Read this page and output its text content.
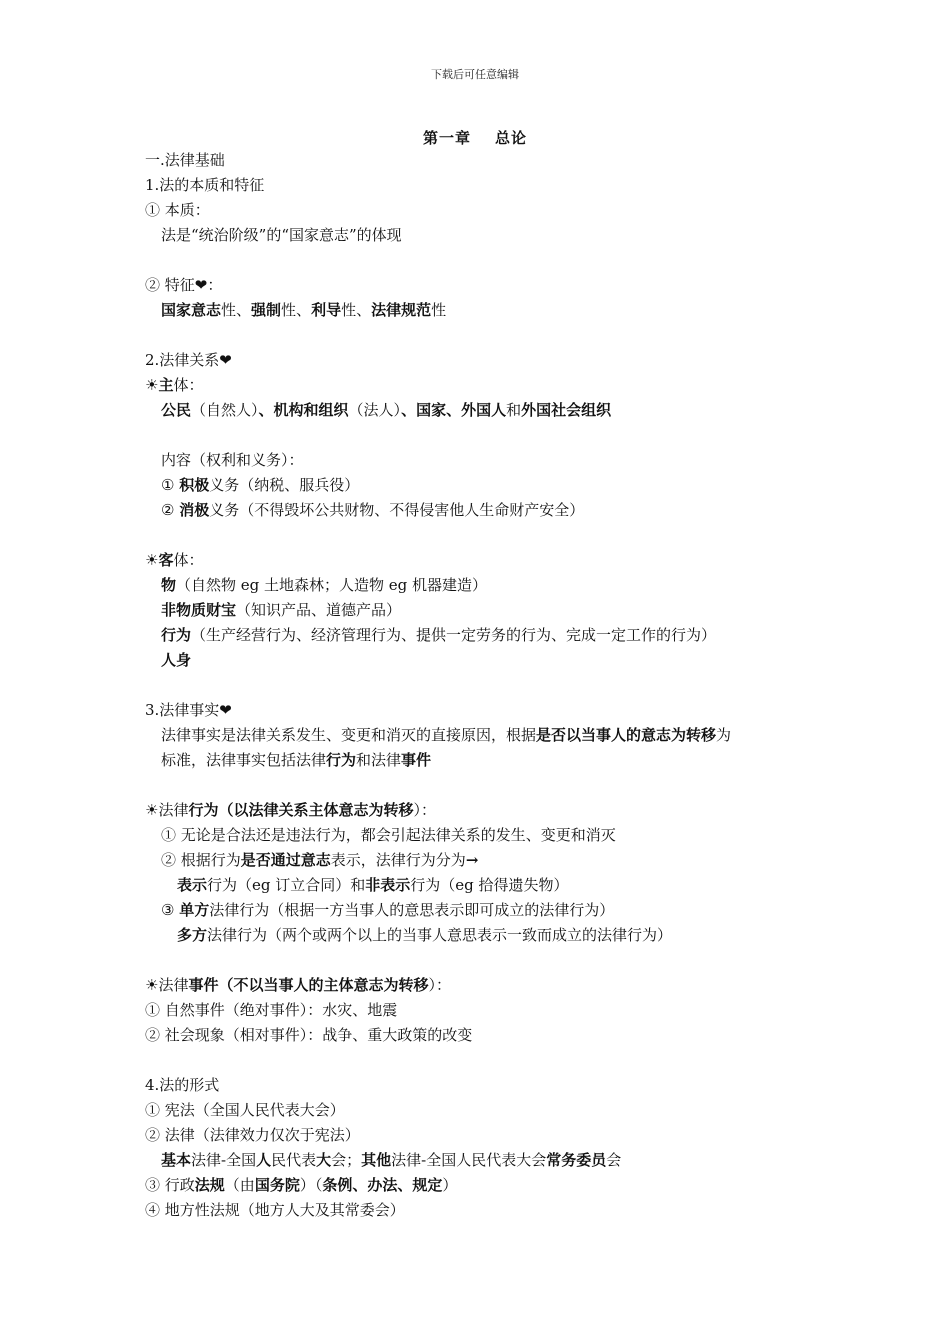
下载后可任意编辑
第一章 总论
一.法律基础
1.法的本质和特征
① 本质：
法是“统治阶级”的“国家意志”的体现
② 特征❤：
国家意志性、强制性、利导性、法律规范性
2.法律关系❤
☀主体：
公民（自然人）、机构和组织（法人）、国家、外国人和外国社会组织
内容（权利和义务）：
① 积极义务（纳税、服兵役）
② 消极义务（不得毁坏公共财物、不得侵害他人生命财产安全）
☀客体：
物（自然物 eg 土地森林；人造物 eg 机器建造）
非物质财宝（知识产品、道德产品）
行为（生产经营行为、经济管理行为、提供一定劳务的行为、完成一定工作的行为）
人身
3.法律事实❤
法律事实是法律关系发生、变更和消灭的直接原因，根据是否以当事人的意志为转移为
标准，法律事实包括法律行为和法律事件
☀法律行为（以法律关系主体意志为转移）：
① 无论是合法还是违法行为，都会引起法律关系的发生、变更和消灭
② 根据行为是否通过意志表示，法律行为分为→
表示行为（eg 订立合同）和非表示行为（eg 拾得遗失物）
③ 单方法律行为（根据一方当事人的意思表示即可成立的法律行为）
多方法律行为（两个或两个以上的当事人意思表示一致而成立的法律行为）
☀法律事件（不以当事人的主体意志为转移）：
① 自然事件（绝对事件）：水灾、地震
② 社会现象（相对事件）：战争、重大政策的改变
4.法的形式
① 宪法（全国人民代表大会）
② 法律（法律效力仅次于宪法）
基本法律-全国人民代表大会；其他法律-全国人民代表大会常务委员会
③ 行政法规（由国务院）（条例、办法、规定）
④ 地方性法规（地方人大及其常委会）
